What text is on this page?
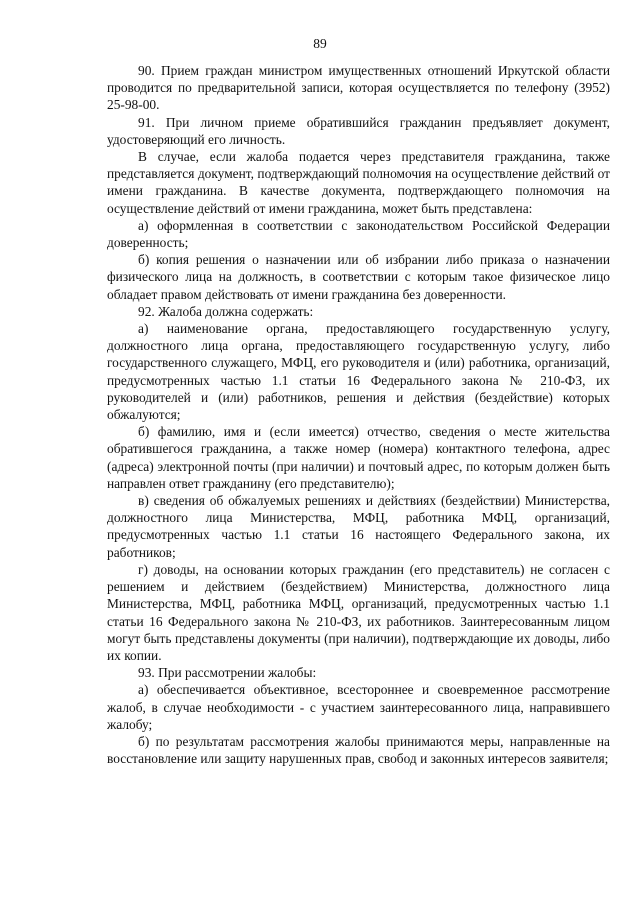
89

90. Прием граждан министром имущественных отношений Иркутской области проводится по предварительной записи, которая осуществляется по телефону (3952) 25-98-00.

91. При личном приеме обратившийся гражданин предъявляет документ, удостоверяющий его личность.

В случае, если жалоба подается через представителя гражданина, также представляется документ, подтверждающий полномочия на осуществление действий от имени гражданина. В качестве документа, подтверждающего полномочия на осуществление действий от имени гражданина, может быть представлена:

а) оформленная в соответствии с законодательством Российской Федерации доверенность;

б) копия решения о назначении или об избрании либо приказа о назначении физического лица на должность, в соответствии с которым такое физическое лицо обладает правом действовать от имени гражданина без доверенности.

92. Жалоба должна содержать:

а) наименование органа, предоставляющего государственную услугу, должностного лица органа, предоставляющего государственную услугу, либо государственного служащего, МФЦ, его руководителя и (или) работника, организаций, предусмотренных частью 1.1 статьи 16 Федерального закона № 210-ФЗ, их руководителей и (или) работников, решения и действия (бездействие) которых обжалуются;

б) фамилию, имя и (если имеется) отчество, сведения о месте жительства обратившегося гражданина, а также номер (номера) контактного телефона, адрес (адреса) электронной почты (при наличии) и почтовый адрес, по которым должен быть направлен ответ гражданину (его представителю);

в) сведения об обжалуемых решениях и действиях (бездействии) Министерства, должностного лица Министерства, МФЦ, работника МФЦ, организаций, предусмотренных частью 1.1 статьи 16 настоящего Федерального закона, их работников;

г) доводы, на основании которых гражданин (его представитель) не согласен с решением и действием (бездействием) Министерства, должностного лица Министерства, МФЦ, работника МФЦ, организаций, предусмотренных частью 1.1 статьи 16 Федерального закона № 210-ФЗ, их работников. Заинтересованным лицом могут быть представлены документы (при наличии), подтверждающие их доводы, либо их копии.

93. При рассмотрении жалобы:

а) обеспечивается объективное, всестороннее и своевременное рассмотрение жалоб, в случае необходимости - с участием заинтересованного лица, направившего жалобу;

б) по результатам рассмотрения жалобы принимаются меры, направленные на восстановление или защиту нарушенных прав, свобод и законных интересов заявителя;
